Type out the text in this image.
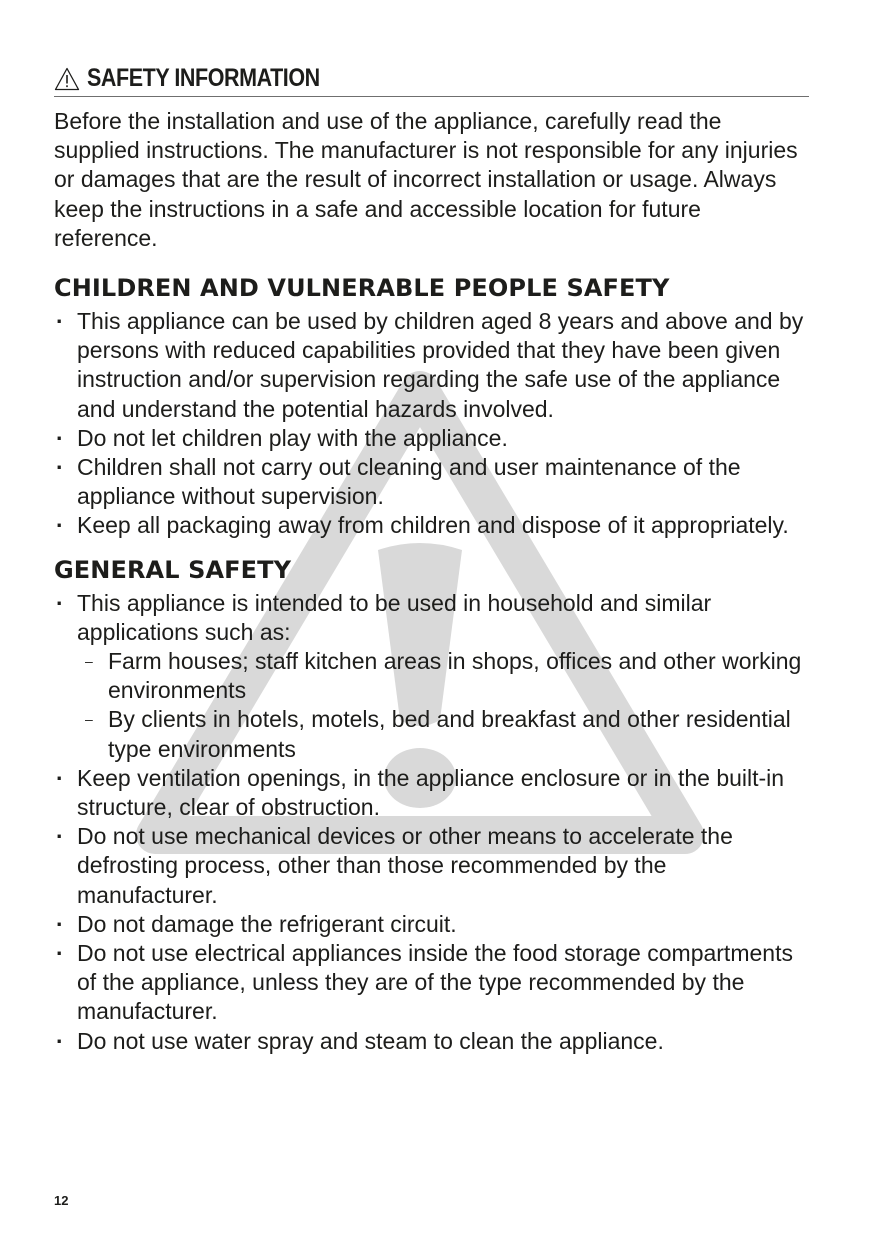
SAFETY INFORMATION

Before the installation and use of the appliance, carefully read the supplied instructions. The manufacturer is not responsible for any injuries or damages that are the result of incorrect installation or usage. Always keep the instructions in a safe and accessible location for future reference.

CHILDREN AND VULNERABLE PEOPLE SAFETY
· This appliance can be used by children aged 8 years and above and by persons with reduced capabilities provided that they have been given instruction and/or supervision regarding the safe use of the appliance and understand the potential hazards involved.
· Do not let children play with the appliance.
· Children shall not carry out cleaning and user maintenance of the appliance without supervision.
· Keep all packaging away from children and dispose of it appropriately.
GENERAL SAFETY
· This appliance is intended to be used in household and similar applications such as:
– Farm houses; staff kitchen areas in shops, offices and other working environments
– By clients in hotels, motels, bed and breakfast and other residential type environments
· Keep ventilation openings, in the appliance enclosure or in the built-in structure, clear of obstruction.
· Do not use mechanical devices or other means to accelerate the defrosting process, other than those recommended by the manufacturer.
· Do not damage the refrigerant circuit.
· Do not use electrical appliances inside the food storage compartments of the appliance, unless they are of the type recommended by the manufacturer.
· Do not use water spray and steam to clean the appliance.
12
